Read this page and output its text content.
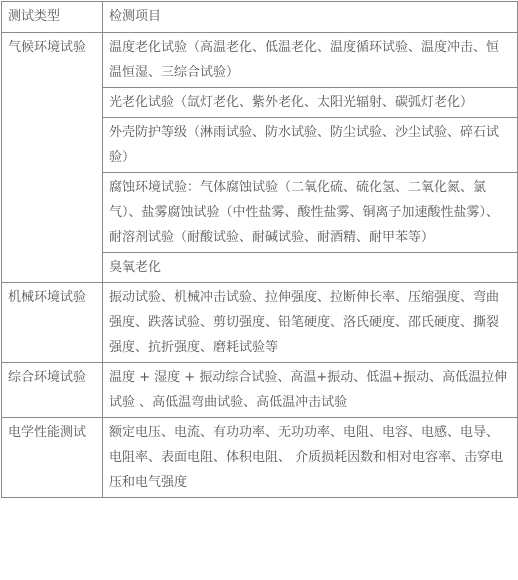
测试类型	检测项目
气候环境试验	温度老化试验（高温老化、低温老化、温度循环试验、温度冲击、恒温恒湿、三综合试验）
	光老化试验（氙灯老化、紫外老化、太阳光辐射、碳弧灯老化）
	外壳防护等级（淋雨试验、防水试验、防尘试验、沙尘试验、碎石试验）
	腐蚀环境试验：气体腐蚀试验（二氧化硫、硫化氢、二氧化氮、氯气）、盐雾腐蚀试验（中性盐雾、酸性盐雾、铜离子加速酸性盐雾）、耐溶剂试验（耐酸试验、耐碱试验、耐酒精、耐甲苯等）
	臭氧老化
机械环境试验	振动试验、机械冲击试验、拉伸强度、拉断伸长率、压缩强度、弯曲强度、跌落试验、剪切强度、铅笔硬度、洛氏硬度、邵氏硬度、撕裂强度、抗折强度、磨耗试验等
综合环境试验	温度 + 湿度 + 振动综合试验、高温+振动、低温+振动、高低温拉伸试验 、高低温弯曲试验、高低温冲击试验
电学性能测试	额定电压、电流、有功功率、无功功率、电阻、电容、电感、电导、电阻率、表面电阻、体积电阻、 介质损耗因数和相对电容率、击穿电压和电气强度
